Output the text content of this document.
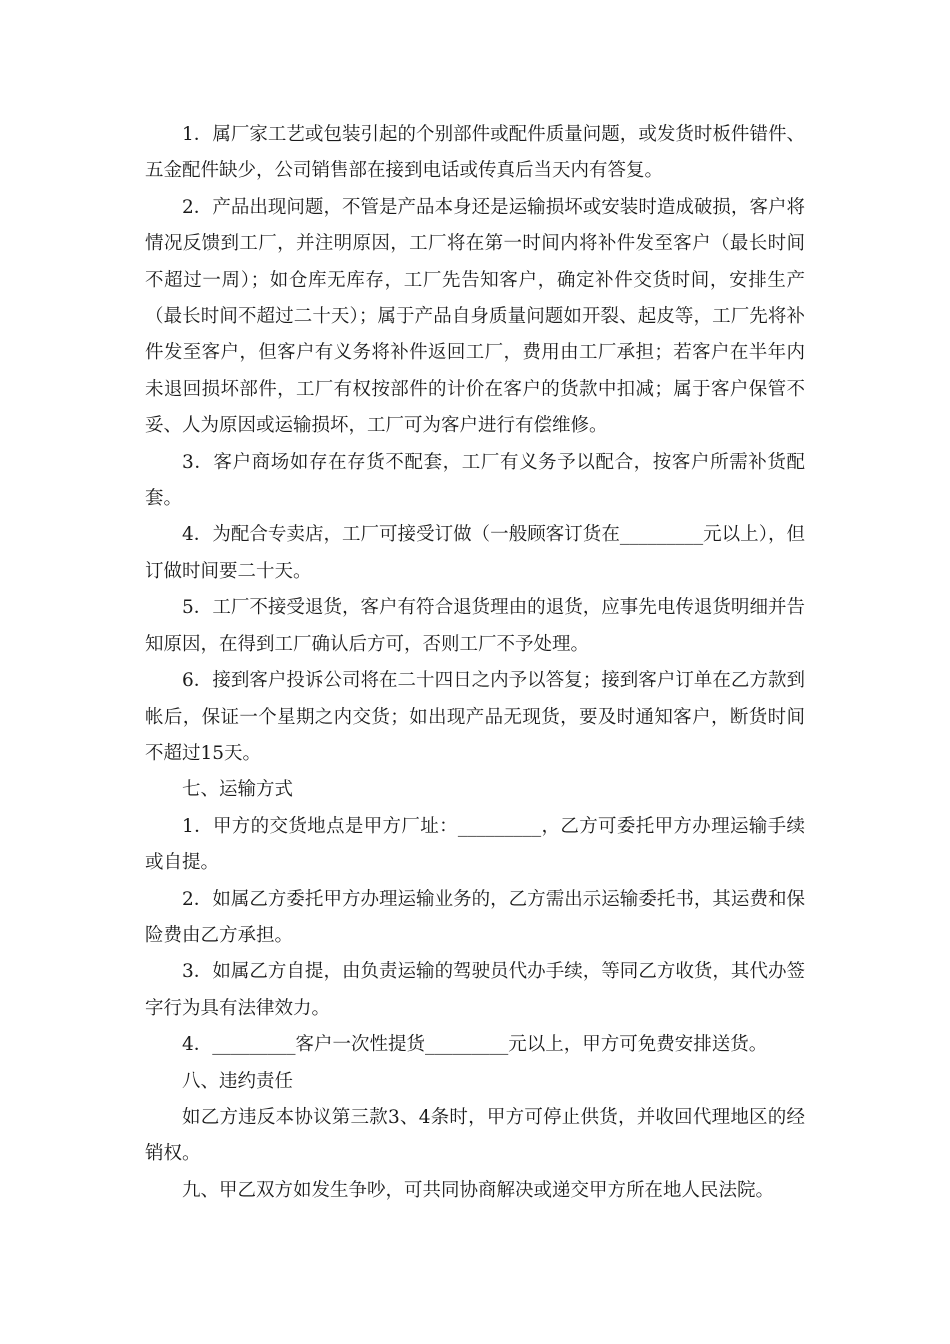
1．属厂家工艺或包装引起的个别部件或配件质量问题，或发货时板件错件、五金配件缺少，公司销售部在接到电话或传真后当天内有答复。

2．产品出现问题，不管是产品本身还是运输损坏或安装时造成破损，客户将情况反馈到工厂，并注明原因，工厂将在第一时间内将补件发至客户（最长时间不超过一周）；如仓库无库存，工厂先告知客户，确定补件交货时间，安排生产（最长时间不超过二十天）；属于产品自身质量问题如开裂、起皮等，工厂先将补件发至客户，但客户有义务将补件返回工厂，费用由工厂承担；若客户在半年内未退回损坏部件，工厂有权按部件的计价在客户的货款中扣减；属于客户保管不妥、人为原因或运输损坏，工厂可为客户进行有偿维修。

3．客户商场如存在存货不配套，工厂有义务予以配合，按客户所需补货配套。

4．为配合专卖店，工厂可接受订做（一般顾客订货在_________元以上），但订做时间要二十天。

5．工厂不接受退货，客户有符合退货理由的退货，应事先电传退货明细并告知原因，在得到工厂确认后方可，否则工厂不予处理。

6．接到客户投诉公司将在二十四日之内予以答复；接到客户订单在乙方款到帐后，保证一个星期之内交货；如出现产品无现货，要及时通知客户，断货时间不超过15天。

七、运输方式

1．甲方的交货地点是甲方厂址：_________，乙方可委托甲方办理运输手续或自提。

2．如属乙方委托甲方办理运输业务的，乙方需出示运输委托书，其运费和保险费由乙方承担。

3．如属乙方自提，由负责运输的驾驶员代办手续，等同乙方收货，其代办签字行为具有法律效力。

4．_________客户一次性提货_________元以上，甲方可免费安排送货。

八、违约责任

如乙方违反本协议第三款3、4条时，甲方可停止供货，并收回代理地区的经销权。

九、甲乙双方如发生争吵，可共同协商解决或递交甲方所在地人民法院。
